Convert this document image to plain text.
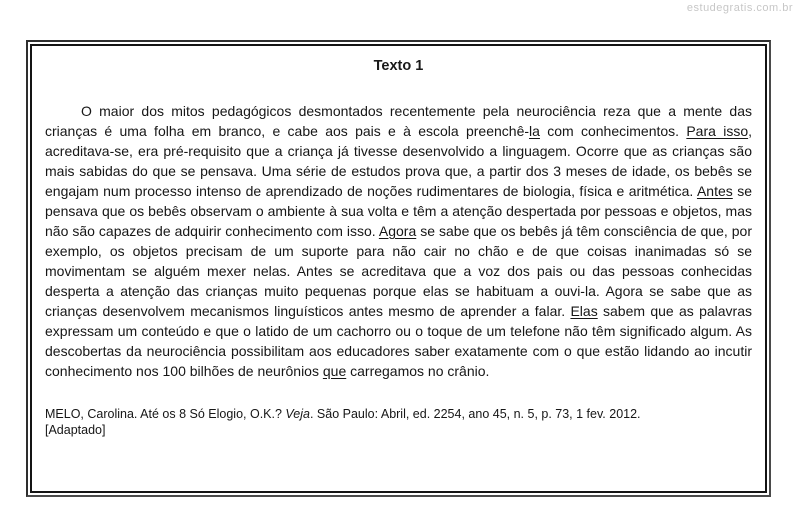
estudegratis.com.br
Texto 1

O maior dos mitos pedagógicos desmontados recentemente pela neurociência reza que a mente das crianças é uma folha em branco, e cabe aos pais e à escola preenchê-la com conhecimentos. Para isso, acreditava-se, era pré-requisito que a criança já tivesse desenvolvido a linguagem. Ocorre que as crianças são mais sabidas do que se pensava. Uma série de estudos prova que, a partir dos 3 meses de idade, os bebês se engajam num processo intenso de aprendizado de noções rudimentares de biologia, física e aritmética. Antes se pensava que os bebês observam o ambiente à sua volta e têm a atenção despertada por pessoas e objetos, mas não são capazes de adquirir conhecimento com isso. Agora se sabe que os bebês já têm consciência de que, por exemplo, os objetos precisam de um suporte para não cair no chão e de que coisas inanimadas só se movimentam se alguém mexer nelas. Antes se acreditava que a voz dos pais ou das pessoas conhecidas desperta a atenção das crianças muito pequenas porque elas se habituam a ouvi-la. Agora se sabe que as crianças desenvolvem mecanismos linguísticos antes mesmo de aprender a falar. Elas sabem que as palavras expressam um conteúdo e que o latido de um cachorro ou o toque de um telefone não têm significado algum. As descobertas da neurociência possibilitam aos educadores saber exatamente com o que estão lidando ao incutir conhecimento nos 100 bilhões de neurônios que carregamos no crânio.

MELO, Carolina. Até os 8 Só Elogio, O.K.? Veja. São Paulo: Abril, ed. 2254, ano 45, n. 5, p. 73, 1 fev. 2012.
[Adaptado]
